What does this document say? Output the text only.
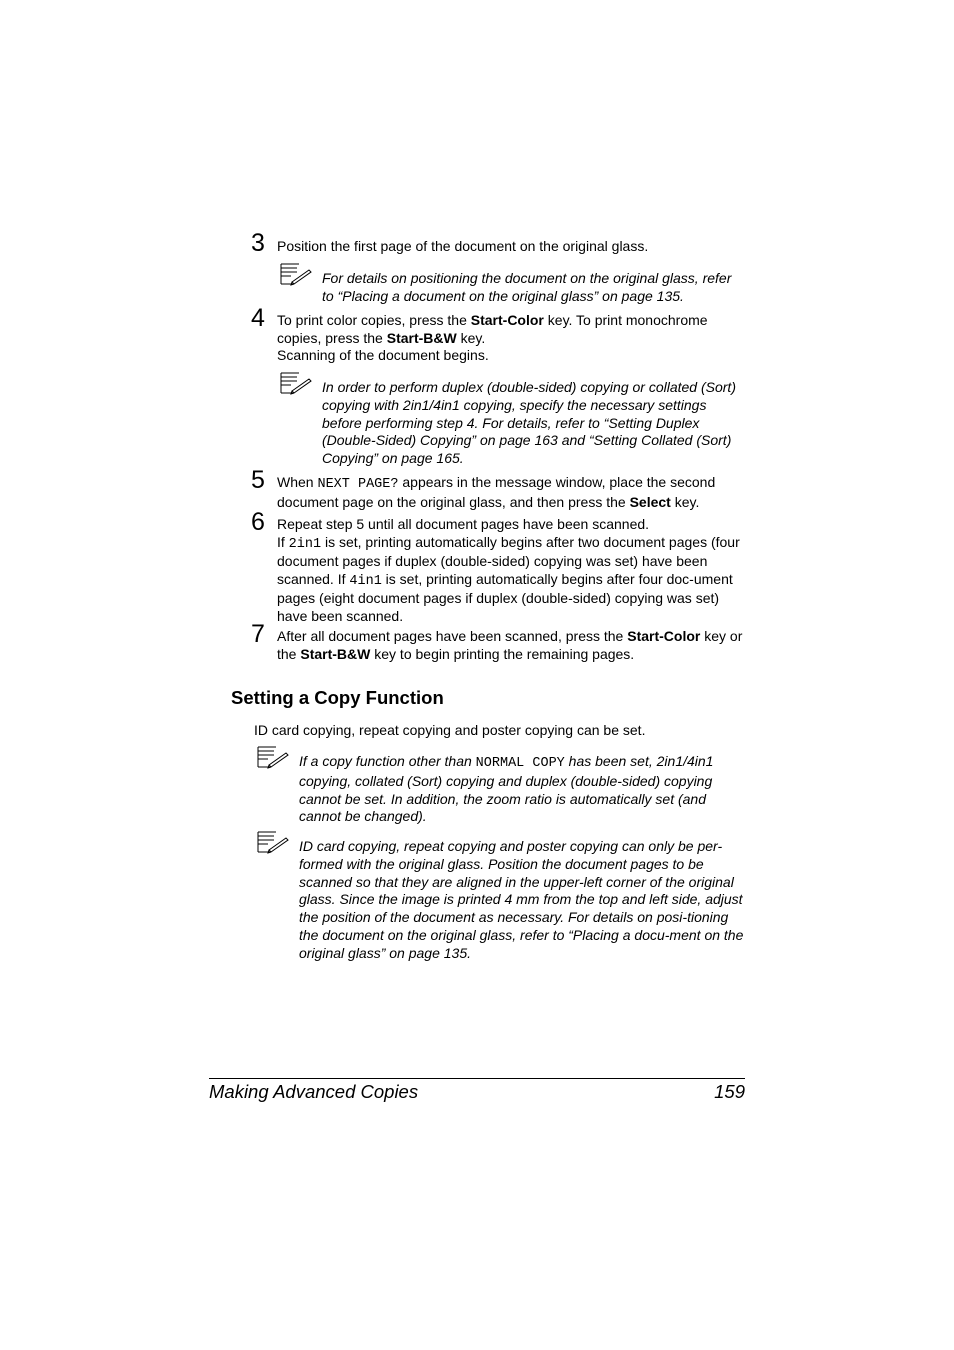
3 Position the first page of the document on the original glass.
For details on positioning the document on the original glass, refer to “Placing a document on the original glass” on page 135.
4 To print color copies, press the Start-Color key. To print monochrome copies, press the Start-B&W key.
Scanning of the document begins.
In order to perform duplex (double-sided) copying or collated (Sort) copying with 2in1/4in1 copying, specify the necessary settings before performing step 4. For details, refer to “Setting Duplex (Double-Sided) Copying” on page 163 and “Setting Collated (Sort) Copying” on page 165.
5 When NEXT PAGE? appears in the message window, place the second document page on the original glass, and then press the Select key.
6 Repeat step 5 until all document pages have been scanned.
If 2in1 is set, printing automatically begins after two document pages (four document pages if duplex (double-sided) copying was set) have been scanned. If 4in1 is set, printing automatically begins after four doc-ument pages (eight document pages if duplex (double-sided) copying was set) have been scanned.
7 After all document pages have been scanned, press the Start-Color key or the Start-B&W key to begin printing the remaining pages.
Setting a Copy Function
ID card copying, repeat copying and poster copying can be set.
If a copy function other than NORMAL COPY has been set, 2in1/4in1 copying, collated (Sort) copying and duplex (double-sided) copying cannot be set. In addition, the zoom ratio is automatically set (and cannot be changed).
ID card copying, repeat copying and poster copying can only be per-formed with the original glass. Position the document pages to be scanned so that they are aligned in the upper-left corner of the original glass. Since the image is printed 4 mm from the top and left side, adjust the position of the document as necessary. For details on posi-tioning the document on the original glass, refer to “Placing a docu-ment on the original glass” on page 135.
Making Advanced Copies	159
